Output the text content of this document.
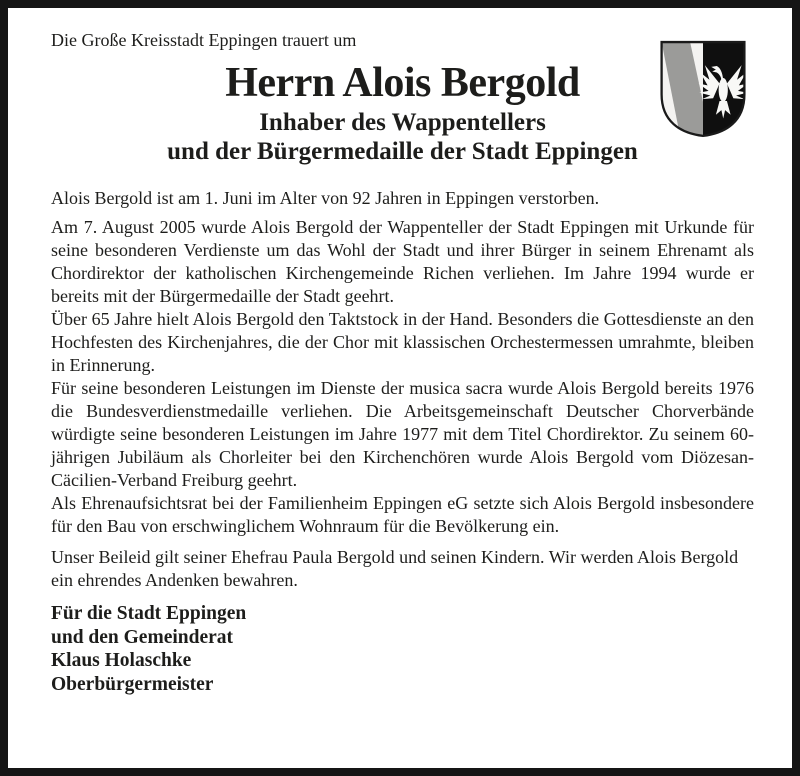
Die Große Kreisstadt Eppingen trauert um

Herrn Alois Bergold

Inhaber des Wappentellers

und der Bürgermedaille der Stadt Eppingen

Alois Bergold ist am 1. Juni im Alter von 92 Jahren in Eppingen verstorben.

Am 7. August 2005 wurde Alois Bergold der Wappenteller der Stadt Eppingen mit Urkunde für seine besonderen Verdienste um das Wohl der Stadt und ihrer Bürger in seinem Ehrenamt als Chordirektor der katholischen Kirchengemeinde Richen verliehen. Im Jahre 1994 wurde er bereits mit der Bürgermedaille der Stadt geehrt.

Über 65 Jahre hielt Alois Bergold den Taktstock in der Hand. Besonders die Gottesdienste an den Hochfesten des Kirchenjahres, die der Chor mit klassischen Orchestermessen umrahmte, bleiben in Erinnerung.

Für seine besonderen Leistungen im Dienste der musica sacra wurde Alois Bergold bereits 1976 die Bundesverdienstmedaille verliehen. Die Arbeitsgemeinschaft Deutscher Chorverbände würdigte seine besonderen Leistungen im Jahre 1977 mit dem Titel Chordirektor. Zu seinem 60-jährigen Jubiläum als Chorleiter bei den Kirchenchören wurde Alois Bergold vom Diözesan-Cäcilien-Verband Freiburg geehrt.

Als Ehrenaufsichtsrat bei der Familienheim Eppingen eG setzte sich Alois Bergold insbesondere für den Bau von erschwinglichem Wohnraum für die Bevölkerung ein.

Unser Beileid gilt seiner Ehefrau Paula Bergold und seinen Kindern. Wir werden Alois Bergold ein ehrendes Andenken bewahren.

Für die Stadt Eppingen

und den Gemeinderat

Klaus Holaschke

Oberbürgermeister
